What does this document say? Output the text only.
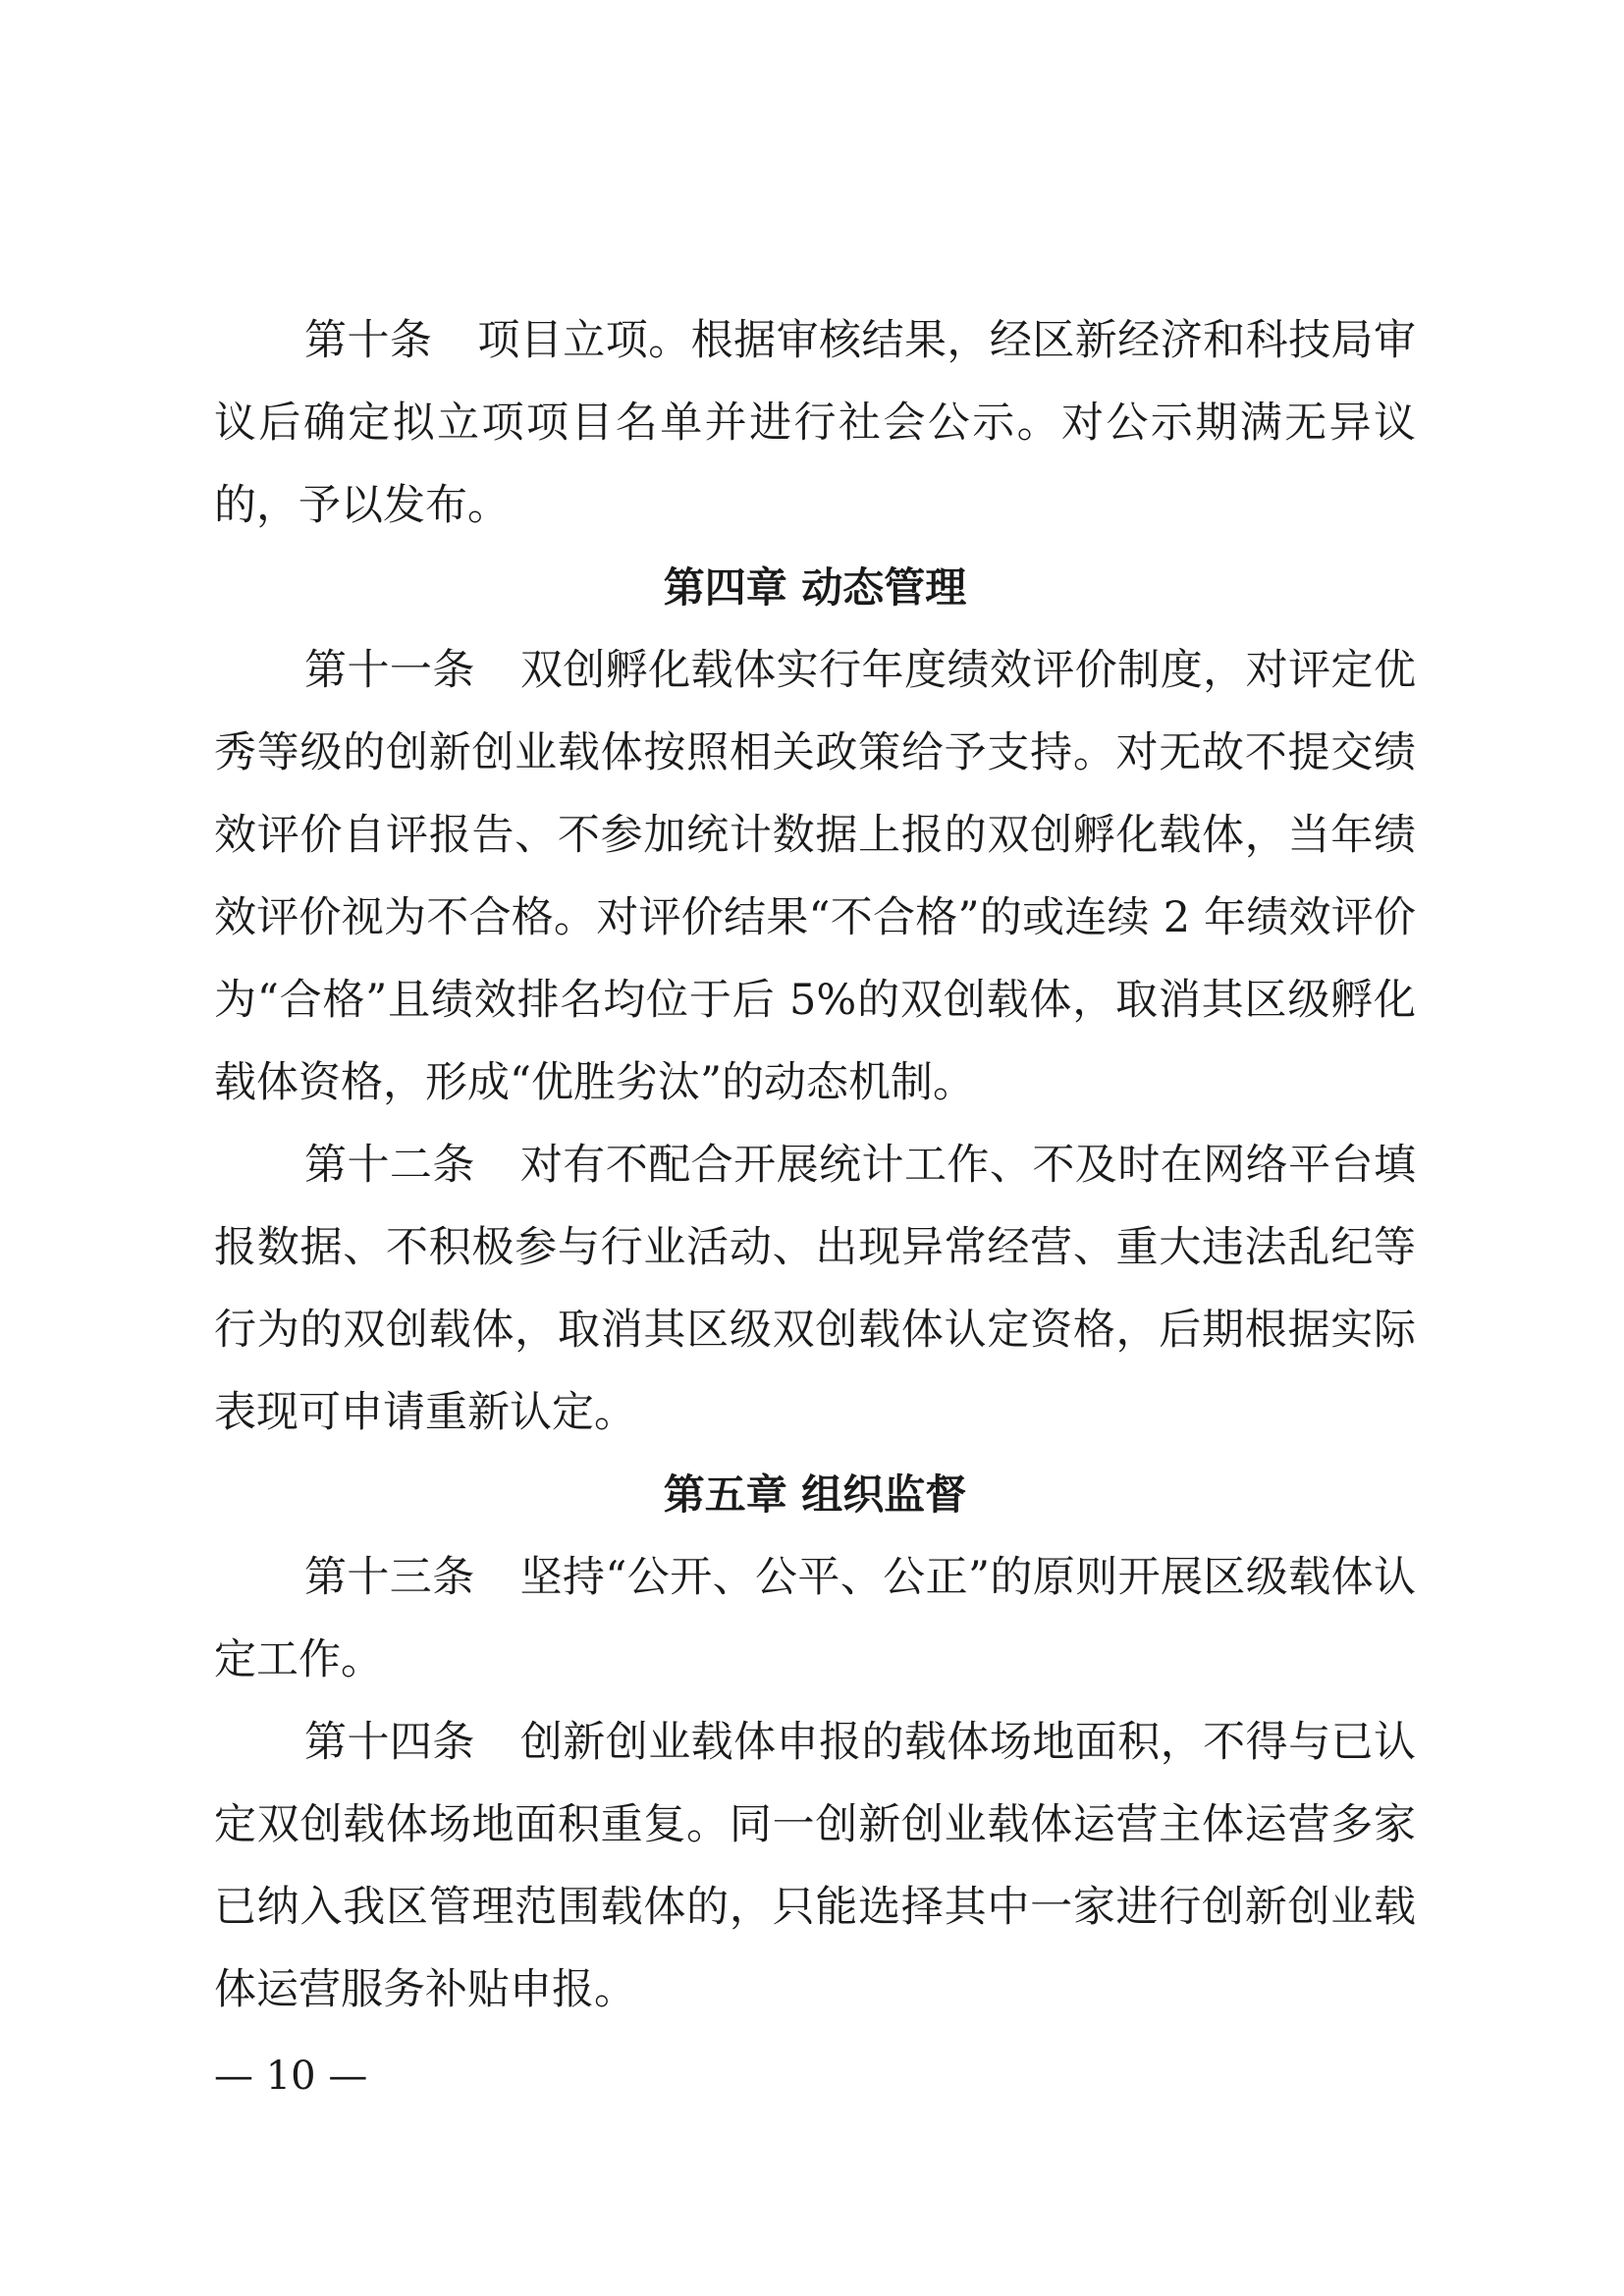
第十条 项目立项。根据审核结果，经区新经济和科技局审
议后确定拟立项项目名单并进行社会公示。对公示期满无异议
的，予以发布。
第四章 动态管理
第十一条 双创孵化载体实行年度绩效评价制度，对评定优
秀等级的创新创业载体按照相关政策给予支持。对无故不提交绩
效评价自评报告、不参加统计数据上报的双创孵化载体，当年绩
效评价视为不合格。对评价结果“不合格”的或连续 2 年绩效评价
为“合格”且绩效排名均位于后 5%的双创载体，取消其区级孵化
载体资格，形成“优胜劣汰”的动态机制。
第十二条 对有不配合开展统计工作、不及时在网络平台填
报数据、不积极参与行业活动、出现异常经营、重大违法乱纪等
行为的双创载体，取消其区级双创载体认定资格，后期根据实际
表现可申请重新认定。
第五章 组织监督
第十三条 坚持“公开、公平、公正”的原则开展区级载体认
定工作。
第十四条 创新创业载体申报的载体场地面积，不得与已认
定双创载体场地面积重复。同一创新创业载体运营主体运营多家
已纳入我区管理范围载体的，只能选择其中一家进行创新创业载
体运营服务补贴申报。
— 10 —
